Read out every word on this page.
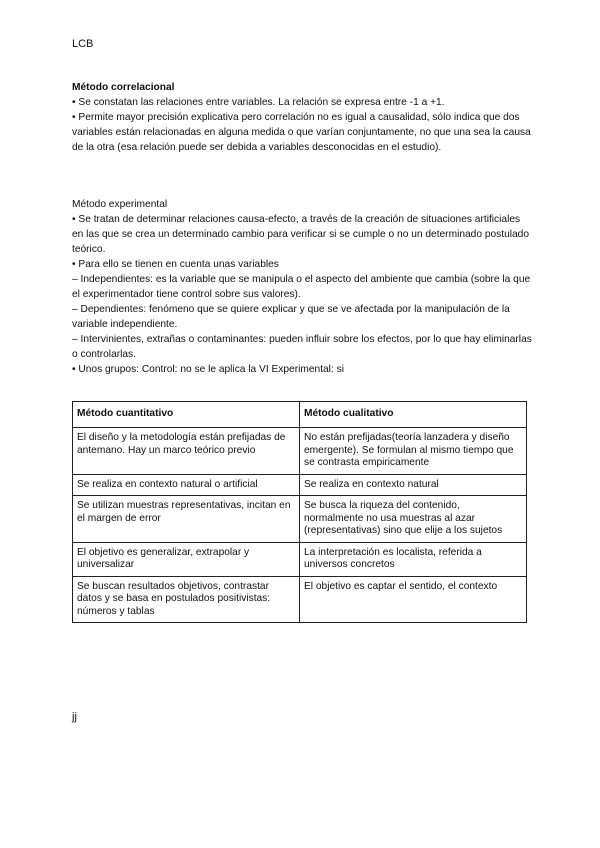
LCB
Método correlacional

• Se constatan las relaciones entre variables. La relación se expresa entre -1 a +1.

• Permite mayor precisión explicativa pero correlación no es igual a causalidad, sólo indica que dos variables están relacionadas en alguna medida o que varían conjuntamente, no que una sea la causa de la otra (esa relación puede ser debida a variables desconocidas en el estudio).

Método experimental

• Se tratan de determinar relaciones causa-efecto, a través de la creación de situaciones artificiales en las que se crea un determinado cambio para verificar si se cumple o no un determinado postulado teórico.

• Para ello se tienen en cuenta unas variables

– Independientes: es la variable que se manipula o el aspecto del ambiente que cambia (sobre la que el experimentador tiene control sobre sus valores).

– Dependientes: fenómeno que se quiere explicar y que se ve afectada por la manipulación de la variable independiente.

– Intervinientes, extrañas o contaminantes: pueden influir sobre los efectos, por lo que hay eliminarlas o controlarlas.

• Unos grupos: Control: no se le aplica la VI Experimental: si

Método cuantitativo	Método cualitativo
El diseño y la metodología están prefijadas de antemano. Hay un marco teórico previo	No están prefijadas(teoría lanzadera y diseño emergente). Se formulan al mismo tiempo que se contrasta empiricamente
Se realiza en contexto natural o artificial	Se realiza en contexto natural
Se utilizan muestras representativas, incitan en el margen de error	Se busca la riqueza del contenido, normalmente no usa muestras al azar (representativas) sino que elije a los sujetos
El objetivo es generalizar, extrapolar y universalizar	La interpretación es localista, referida a universos concretos
Se buscan resultados objetivos, contrastar datos y se basa en postulados positivistas: números y tablas	El objetivo es captar el sentido, el contexto
jj
